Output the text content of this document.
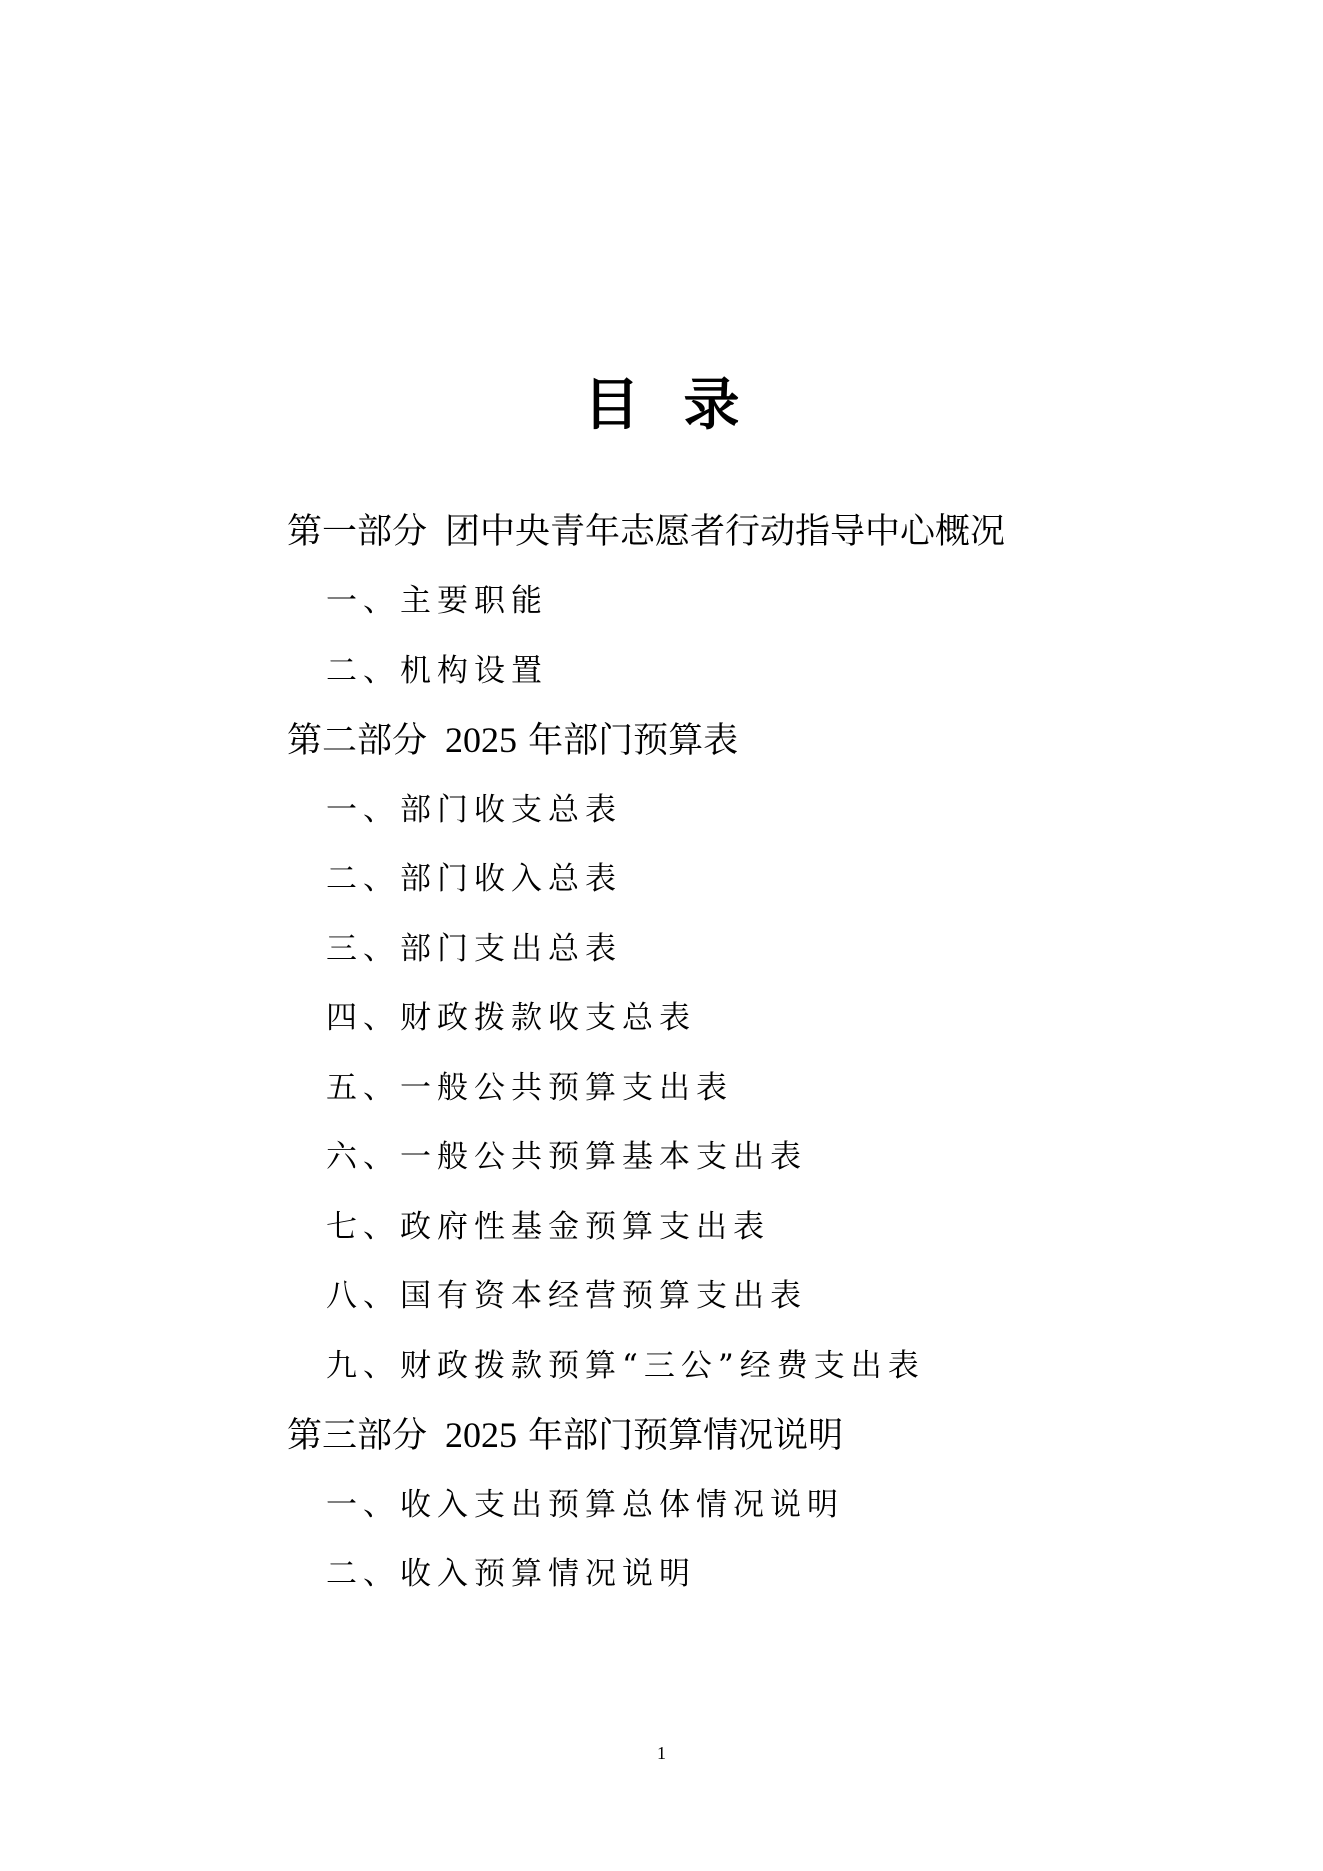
目录
第一部分 团中央青年志愿者行动指导中心概况
一、主要职能
二、机构设置
第二部分 2025 年部门预算表
一、部门收支总表
二、部门收入总表
三、部门支出总表
四、财政拨款收支总表
五、一般公共预算支出表
六、一般公共预算基本支出表
七、政府性基金预算支出表
八、国有资本经营预算支出表
九、财政拨款预算“三公”经费支出表
第三部分 2025 年部门预算情况说明
一、收入支出预算总体情况说明
二、收入预算情况说明
1
